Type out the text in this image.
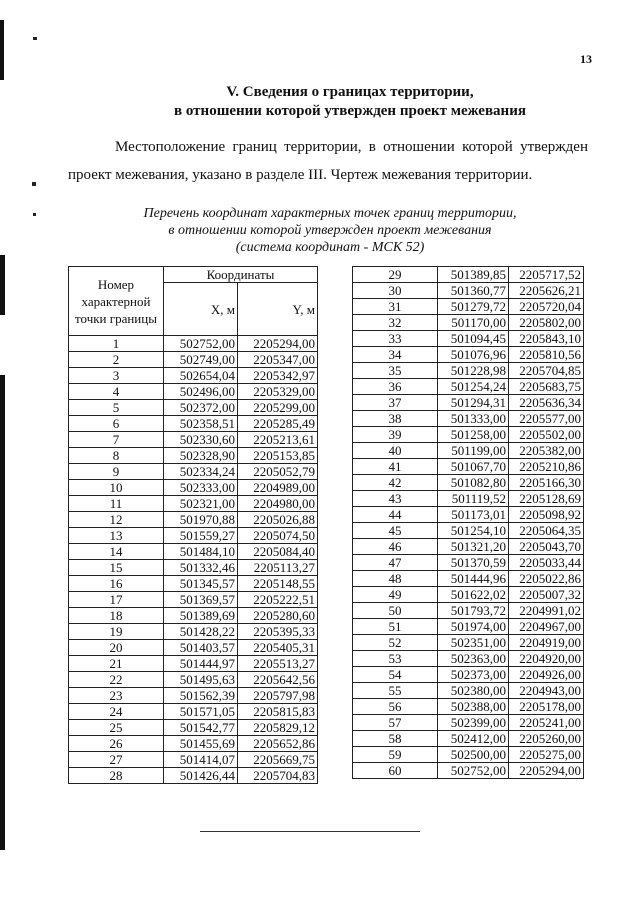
13
V. Сведения о границах территории,
в отношении которой утвержден проект межевания
Местоположение границ территории, в отношении которой утвержден
проект межевания, указано в разделе III. Чертеж межевания территории.
Перечень координат характерных точек границ территории,
в отношении которой утвержден проект межевания
(система координат - МСК 52)
Номер характерной точки границы	Координаты	
	X, м	Y, м
1	502752,00	2205294,00
2	502749,00	2205347,00
3	502654,04	2205342,97
4	502496,00	2205329,00
5	502372,00	2205299,00
6	502358,51	2205285,49
7	502330,60	2205213,61
8	502328,90	2205153,85
9	502334,24	2205052,79
10	502333,00	2204989,00
11	502321,00	2204980,00
12	501970,88	2205026,88
13	501559,27	2205074,50
14	501484,10	2205084,40
15	501332,46	2205113,27
16	501345,57	2205148,55
17	501369,57	2205222,51
18	501389,69	2205280,60
19	501428,22	2205395,33
20	501403,57	2205405,31
21	501444,97	2205513,27
22	501495,63	2205642,56
23	501562,39	2205797,98
24	501571,05	2205815,83
25	501542,77	2205829,12
26	501455,69	2205652,86
27	501414,07	2205669,75
28	501426,44	2205704,83
29	501389,85	2205717,52
30	501360,77	2205626,21
31	501279,72	2205720,04
32	501170,00	2205802,00
33	501094,45	2205843,10
34	501076,96	2205810,56
35	501228,98	2205704,85
36	501254,24	2205683,75
37	501294,31	2205636,34
38	501333,00	2205577,00
39	501258,00	2205502,00
40	501199,00	2205382,00
41	501067,70	2205210,86
42	501082,80	2205166,30
43	501119,52	2205128,69
44	501173,01	2205098,92
45	501254,10	2205064,35
46	501321,20	2205043,70
47	501370,59	2205033,44
48	501444,96	2205022,86
49	501622,02	2205007,32
50	501793,72	2204991,02
51	501974,00	2204967,00
52	502351,00	2204919,00
53	502363,00	2204920,00
54	502373,00	2204926,00
55	502380,00	2204943,00
56	502388,00	2205178,00
57	502399,00	2205241,00
58	502412,00	2205260,00
59	502500,00	2205275,00
60	502752,00	2205294,00
